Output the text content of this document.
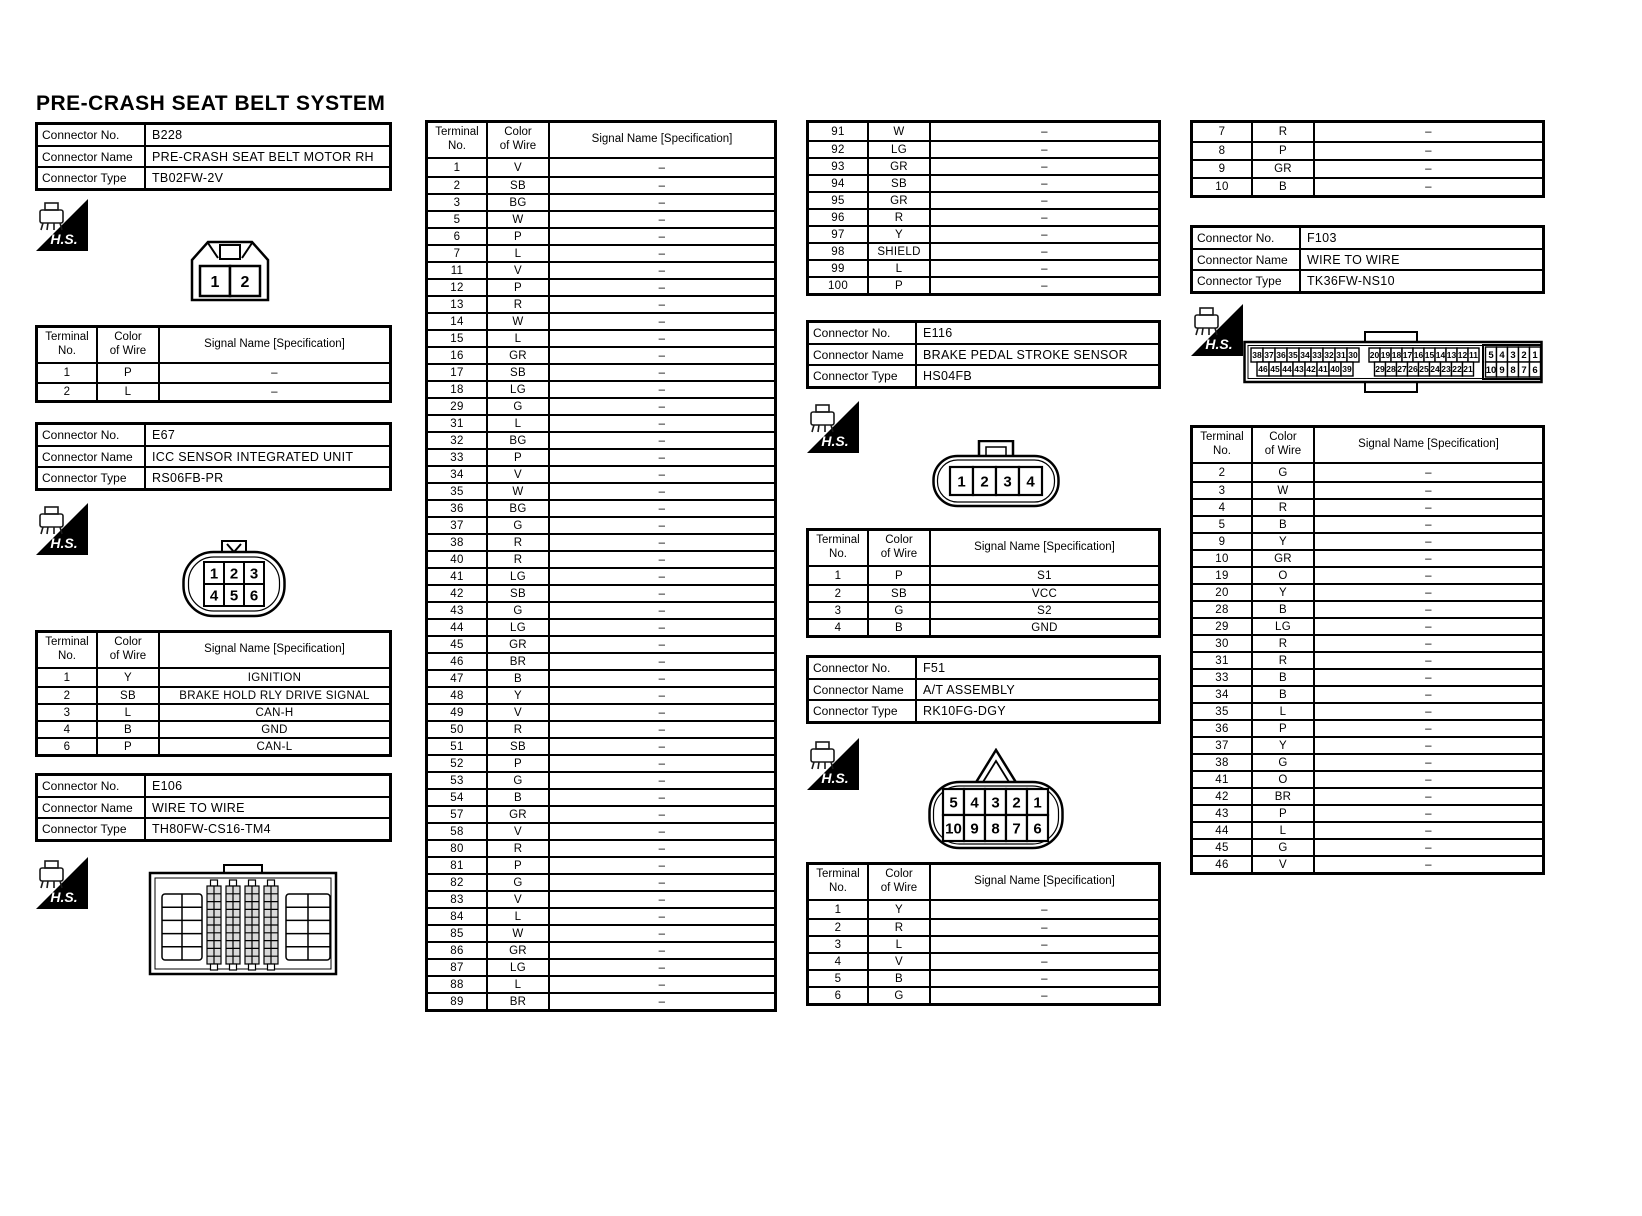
PRE-CRASH SEAT BELT SYSTEM
Connector No.	B228
Connector Name	PRE-CRASH SEAT BELT MOTOR RH
Connector Type	TB02FW-2V
H.S.
1 2
Terminal
No.
Color
of Wire
Signal Name [Specification]
1	P	–
2	L	–
Connector No.	E67
Connector Name	ICC SENSOR INTEGRATED UNIT
Connector Type	RS06FB-PR
H.S.
1 2 3
4 5 6
Terminal
No.
Color
of Wire
Signal Name [Specification]
1	Y	IGNITION
2	SB	BRAKE HOLD RLY DRIVE SIGNAL
3	L	CAN-H
4	B	GND
6	P	CAN-L
Connector No.	E106
Connector Name	WIRE TO WIRE
Connector Type	TH80FW-CS16-TM4
H.S.
Terminal
No.
Color
of Wire
Signal Name [Specification]
1	V	–
2	SB	–
3	BG	–
5	W	–
6	P	–
7	L	–
11	V	–
12	P	–
13	R	–
14	W	–
15	L	–
16	GR	–
17	SB	–
18	LG	–
29	G	–
31	L	–
32	BG	–
33	P	–
34	V	–
35	W	–
36	BG	–
37	G	–
38	R	–
40	R	–
41	LG	–
42	SB	–
43	G	–
44	LG	–
45	GR	–
46	BR	–
47	B	–
48	Y	–
49	V	–
50	R	–
51	SB	–
52	P	–
53	G	–
54	B	–
57	GR	–
58	V	–
80	R	–
81	P	–
82	G	–
83	V	–
84	L	–
85	W	–
86	GR	–
87	LG	–
88	L	–
89	BR	–
91	W	–
92	LG	–
93	GR	–
94	SB	–
95	GR	–
96	R	–
97	Y	–
98	SHIELD	–
99	L	–
100	P	–
Connector No.	E116
Connector Name	BRAKE PEDAL STROKE SENSOR
Connector Type	HS04FB
H.S.
1 2 3 4
Terminal
No.
Color
of Wire
Signal Name [Specification]
1	P	S1
2	SB	VCC
3	G	S2
4	B	GND
Connector No.	F51
Connector Name	A/T ASSEMBLY
Connector Type	RK10FG-DGY
H.S.
5 4 3 2 1
10 9 8 7 6
Terminal
No.
Color
of Wire
Signal Name [Specification]
1	Y	–
2	R	–
3	L	–
4	V	–
5	B	–
6	G	–
7	R	–
8	P	–
9	GR	–
10	B	–
Connector No.	F103
Connector Name	WIRE TO WIRE
Connector Type	TK36FW-NS10
H.S.
38 37 36 35 34 33 32 31 30
46 45 44 43 42 41 40 39
20 19 18 17 16 15 14 13 12 11
29 28 27 26 25 24 23 22 21
5 4 3 2 1
10 9 8 7 6
Terminal
No.
Color
of Wire
Signal Name [Specification]
2	G	–
3	W	–
4	R	–
5	B	–
9	Y	–
10	GR	–
19	O	–
20	Y	–
28	B	–
29	LG	–
30	R	–
31	R	–
33	B	–
34	B	–
35	L	–
36	P	–
37	Y	–
38	G	–
41	O	–
42	BR	–
43	P	–
44	L	–
45	G	–
46	V	–
